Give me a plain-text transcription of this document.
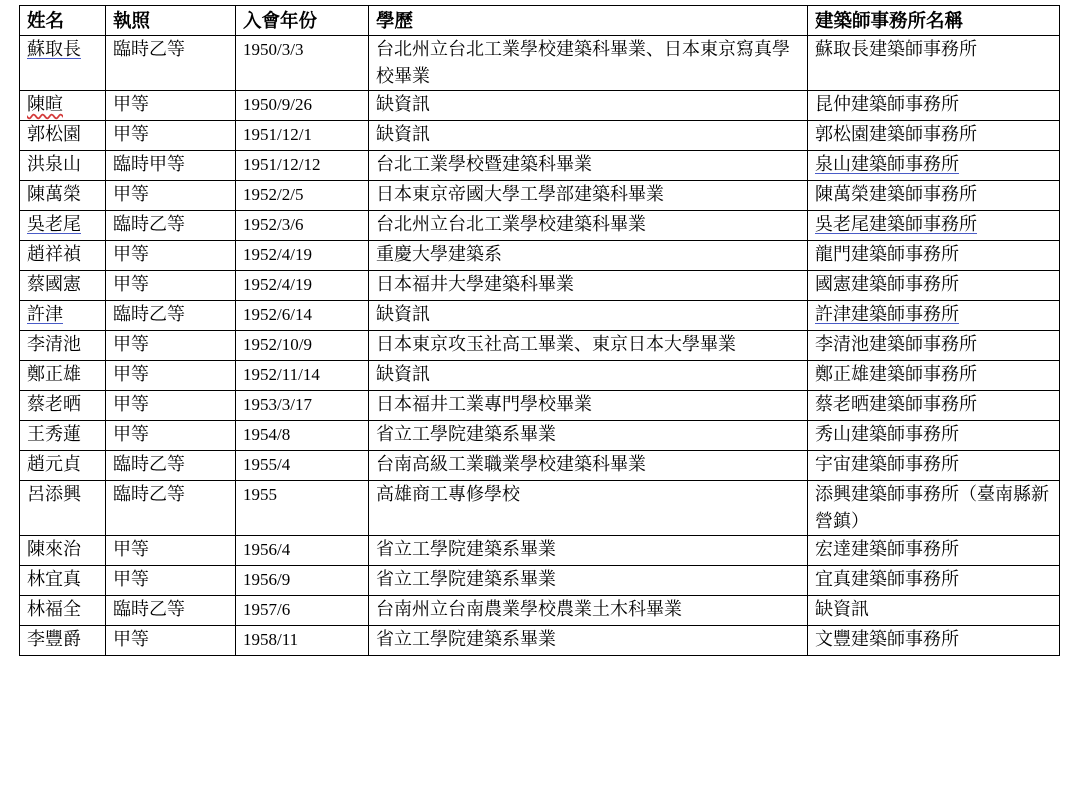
姓名	執照	入會年份	學歷	建築師事務所名稱
蘇取長	臨時乙等	1950/3/3	台北州立台北工業學校建築科畢業、日本東京寫真學校畢業	蘇取長建築師事務所
陳暄	甲等	1950/9/26	缺資訊	昆仲建築師事務所
郭松園	甲等	1951/12/1	缺資訊	郭松園建築師事務所
洪泉山	臨時甲等	1951/12/12	台北工業學校暨建築科畢業	泉山建築師事務所
陳萬榮	甲等	1952/2/5	日本東京帝國大學工學部建築科畢業	陳萬榮建築師事務所
吳老尾	臨時乙等	1952/3/6	台北州立台北工業學校建築科畢業	吳老尾建築師事務所
趙祥禎	甲等	1952/4/19	重慶大學建築系	龍門建築師事務所
蔡國憲	甲等	1952/4/19	日本福井大學建築科畢業	國憲建築師事務所
許津	臨時乙等	1952/6/14	缺資訊	許津建築師事務所
李清池	甲等	1952/10/9	日本東京攻玉社高工畢業、東京日本大學畢業	李清池建築師事務所
鄭正雄	甲等	1952/11/14	缺資訊	鄭正雄建築師事務所
蔡老晒	甲等	1953/3/17	日本福井工業專門學校畢業	蔡老晒建築師事務所
王秀蓮	甲等	1954/8	省立工學院建築系畢業	秀山建築師事務所
趙元貞	臨時乙等	1955/4	台南高級工業職業學校建築科畢業	宇宙建築師事務所
呂添興	臨時乙等	1955	高雄商工專修學校	添興建築師事務所（臺南縣新營鎮）
陳來治	甲等	1956/4	省立工學院建築系畢業	宏達建築師事務所
林宜真	甲等	1956/9	省立工學院建築系畢業	宜真建築師事務所
林福全	臨時乙等	1957/6	台南州立台南農業學校農業土木科畢業	缺資訊
李豐爵	甲等	1958/11	省立工學院建築系畢業	文豐建築師事務所
